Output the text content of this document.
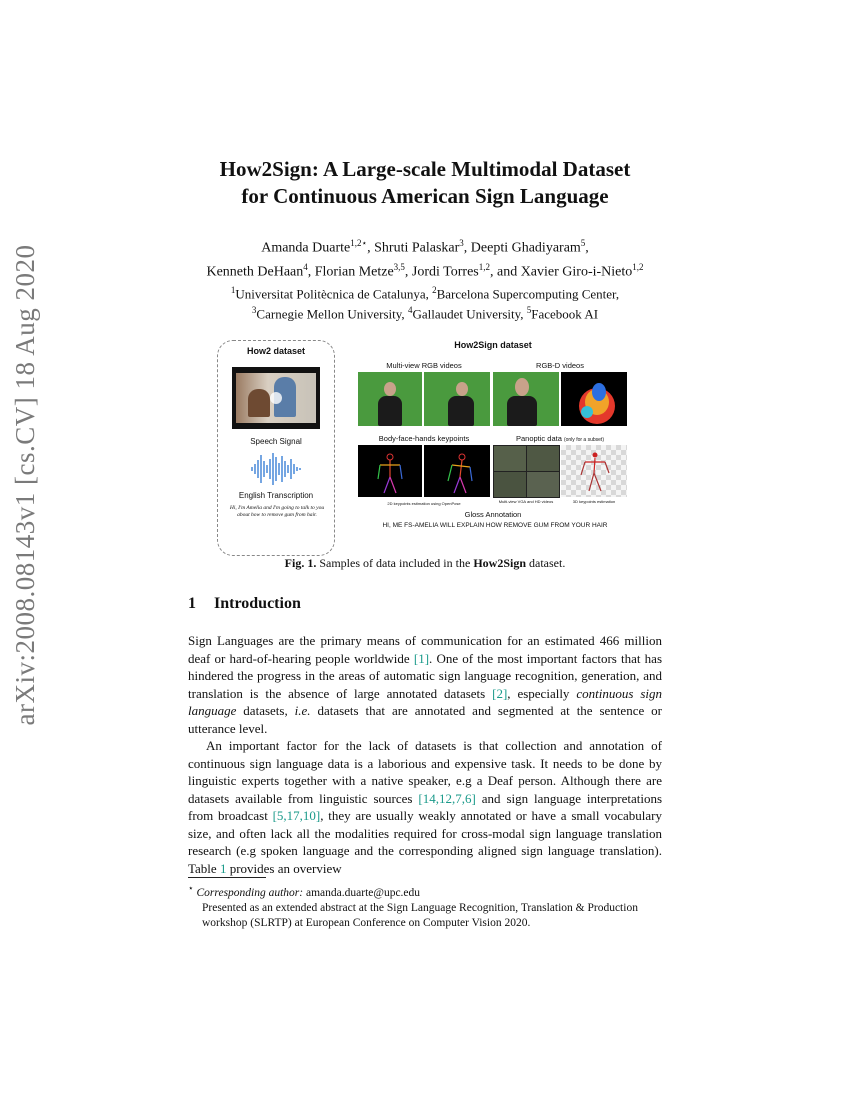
arXiv:2008.08143v1 [cs.CV] 18 Aug 2020
How2Sign: A Large-scale Multimodal Dataset
for Continuous American Sign Language
Amanda Duarte$^{1,2⋆}$, Shruti Palaskar$^3$, Deepti Ghadiyaram$^5$,
Kenneth DeHaan$^4$, Florian Metze$^{3,5}$, Jordi Torres$^{1,2}$, and Xavier Giro-i-Nieto$^{1,2}$
$^1$Universitat Politècnica de Catalunya, $^2$Barcelona Supercomputing Center,
$^3$Carnegie Mellon University, $^4$Gallaudet University, $^5$Facebook AI
How2 dataset
Speech Signal
English Transcription
Hi, I'm Amelia and I'm going to talk to you about how to remove gum from hair.
How2Sign dataset
Multi-view RGB videos	RGB-D videos
Body-face-hands keypoints	Panoptic data (only for a subset)
2D keypoints estimation using OpenPose	Multi-view VGA and HD videos	3D keypoints estimation
Gloss Annotation
HI, ME FS-AMELIA WILL EXPLAIN HOW REMOVE GUM FROM YOUR HAIR
Fig. 1. Samples of data included in the How2Sign dataset.
1 Introduction

Sign Languages are the primary means of communication for an estimated 466 million deaf or hard-of-hearing people worldwide [1]. One of the most important factors that has hindered the progress in the areas of automatic sign language recognition, generation, and translation is the absence of large annotated datasets [2], especially continuous sign language datasets, i.e. datasets that are annotated and segmented at the sentence or utterance level.

An important factor for the lack of datasets is that collection and annotation of continuous sign language data is a laborious and expensive task. It needs to be done by linguistic experts together with a native speaker, e.g a Deaf person. Although there are datasets available from linguistic sources [14,12,7,6] and sign language interpretations from broadcast [5,17,10], they are usually weakly annotated or have a small vocabulary size, and often lack all the modalities required for cross-modal sign language translation research (e.g spoken language and the corresponding aligned sign language translation). Table 1 provides an overview

⋆ Corresponding author: amanda.duarte@upc.edu
Presented as an extended abstract at the Sign Language Recognition, Translation & Production workshop (SLRTP) at European Conference on Computer Vision 2020.
